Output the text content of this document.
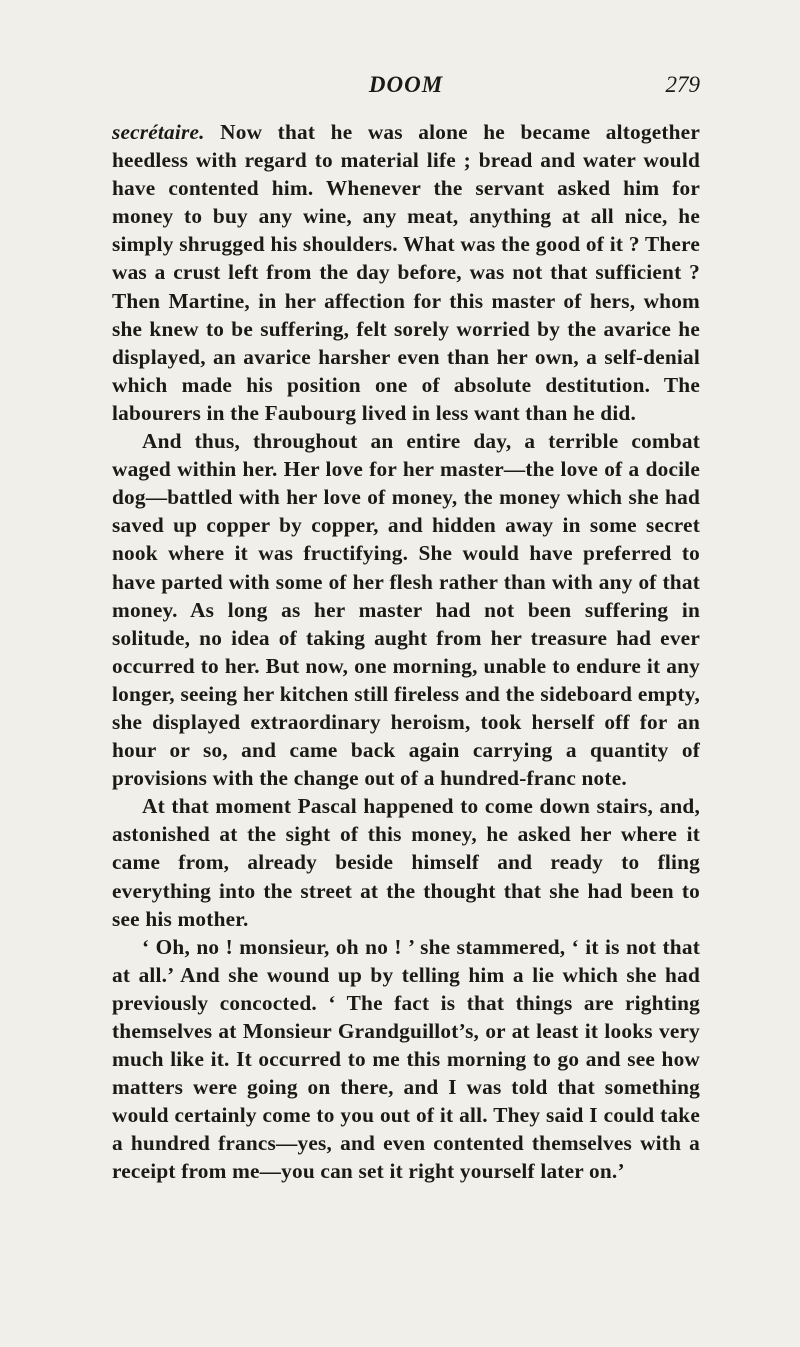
DOOM	279

secrétaire. Now that he was alone he became altogether heedless with regard to material life ; bread and water would have contented him. Whenever the servant asked him for money to buy any wine, any meat, anything at all nice, he simply shrugged his shoulders. What was the good of it ? There was a crust left from the day before, was not that sufficient ? Then Martine, in her affection for this master of hers, whom she knew to be suffering, felt sorely worried by the avarice he displayed, an avarice harsher even than her own, a self-denial which made his position one of absolute destitution. The labourers in the Faubourg lived in less want than he did.

And thus, throughout an entire day, a terrible combat waged within her. Her love for her master—the love of a docile dog—battled with her love of money, the money which she had saved up copper by copper, and hidden away in some secret nook where it was fructifying. She would have preferred to have parted with some of her flesh rather than with any of that money. As long as her master had not been suffering in solitude, no idea of taking aught from her treasure had ever occurred to her. But now, one morning, unable to endure it any longer, seeing her kitchen still fireless and the sideboard empty, she displayed extraordinary heroism, took herself off for an hour or so, and came back again carrying a quantity of provisions with the change out of a hundred-franc note.

At that moment Pascal happened to come down stairs, and, astonished at the sight of this money, he asked her where it came from, already beside himself and ready to fling everything into the street at the thought that she had been to see his mother.

‘ Oh, no ! monsieur, oh no ! ’ she stammered, ‘ it is not that at all.’ And she wound up by telling him a lie which she had previously concocted. ‘ The fact is that things are righting themselves at Monsieur Grandguillot’s, or at least it looks very much like it. It occurred to me this morning to go and see how matters were going on there, and I was told that something would certainly come to you out of it all. They said I could take a hundred francs—yes, and even contented themselves with a receipt from me—you can set it right yourself later on.’
